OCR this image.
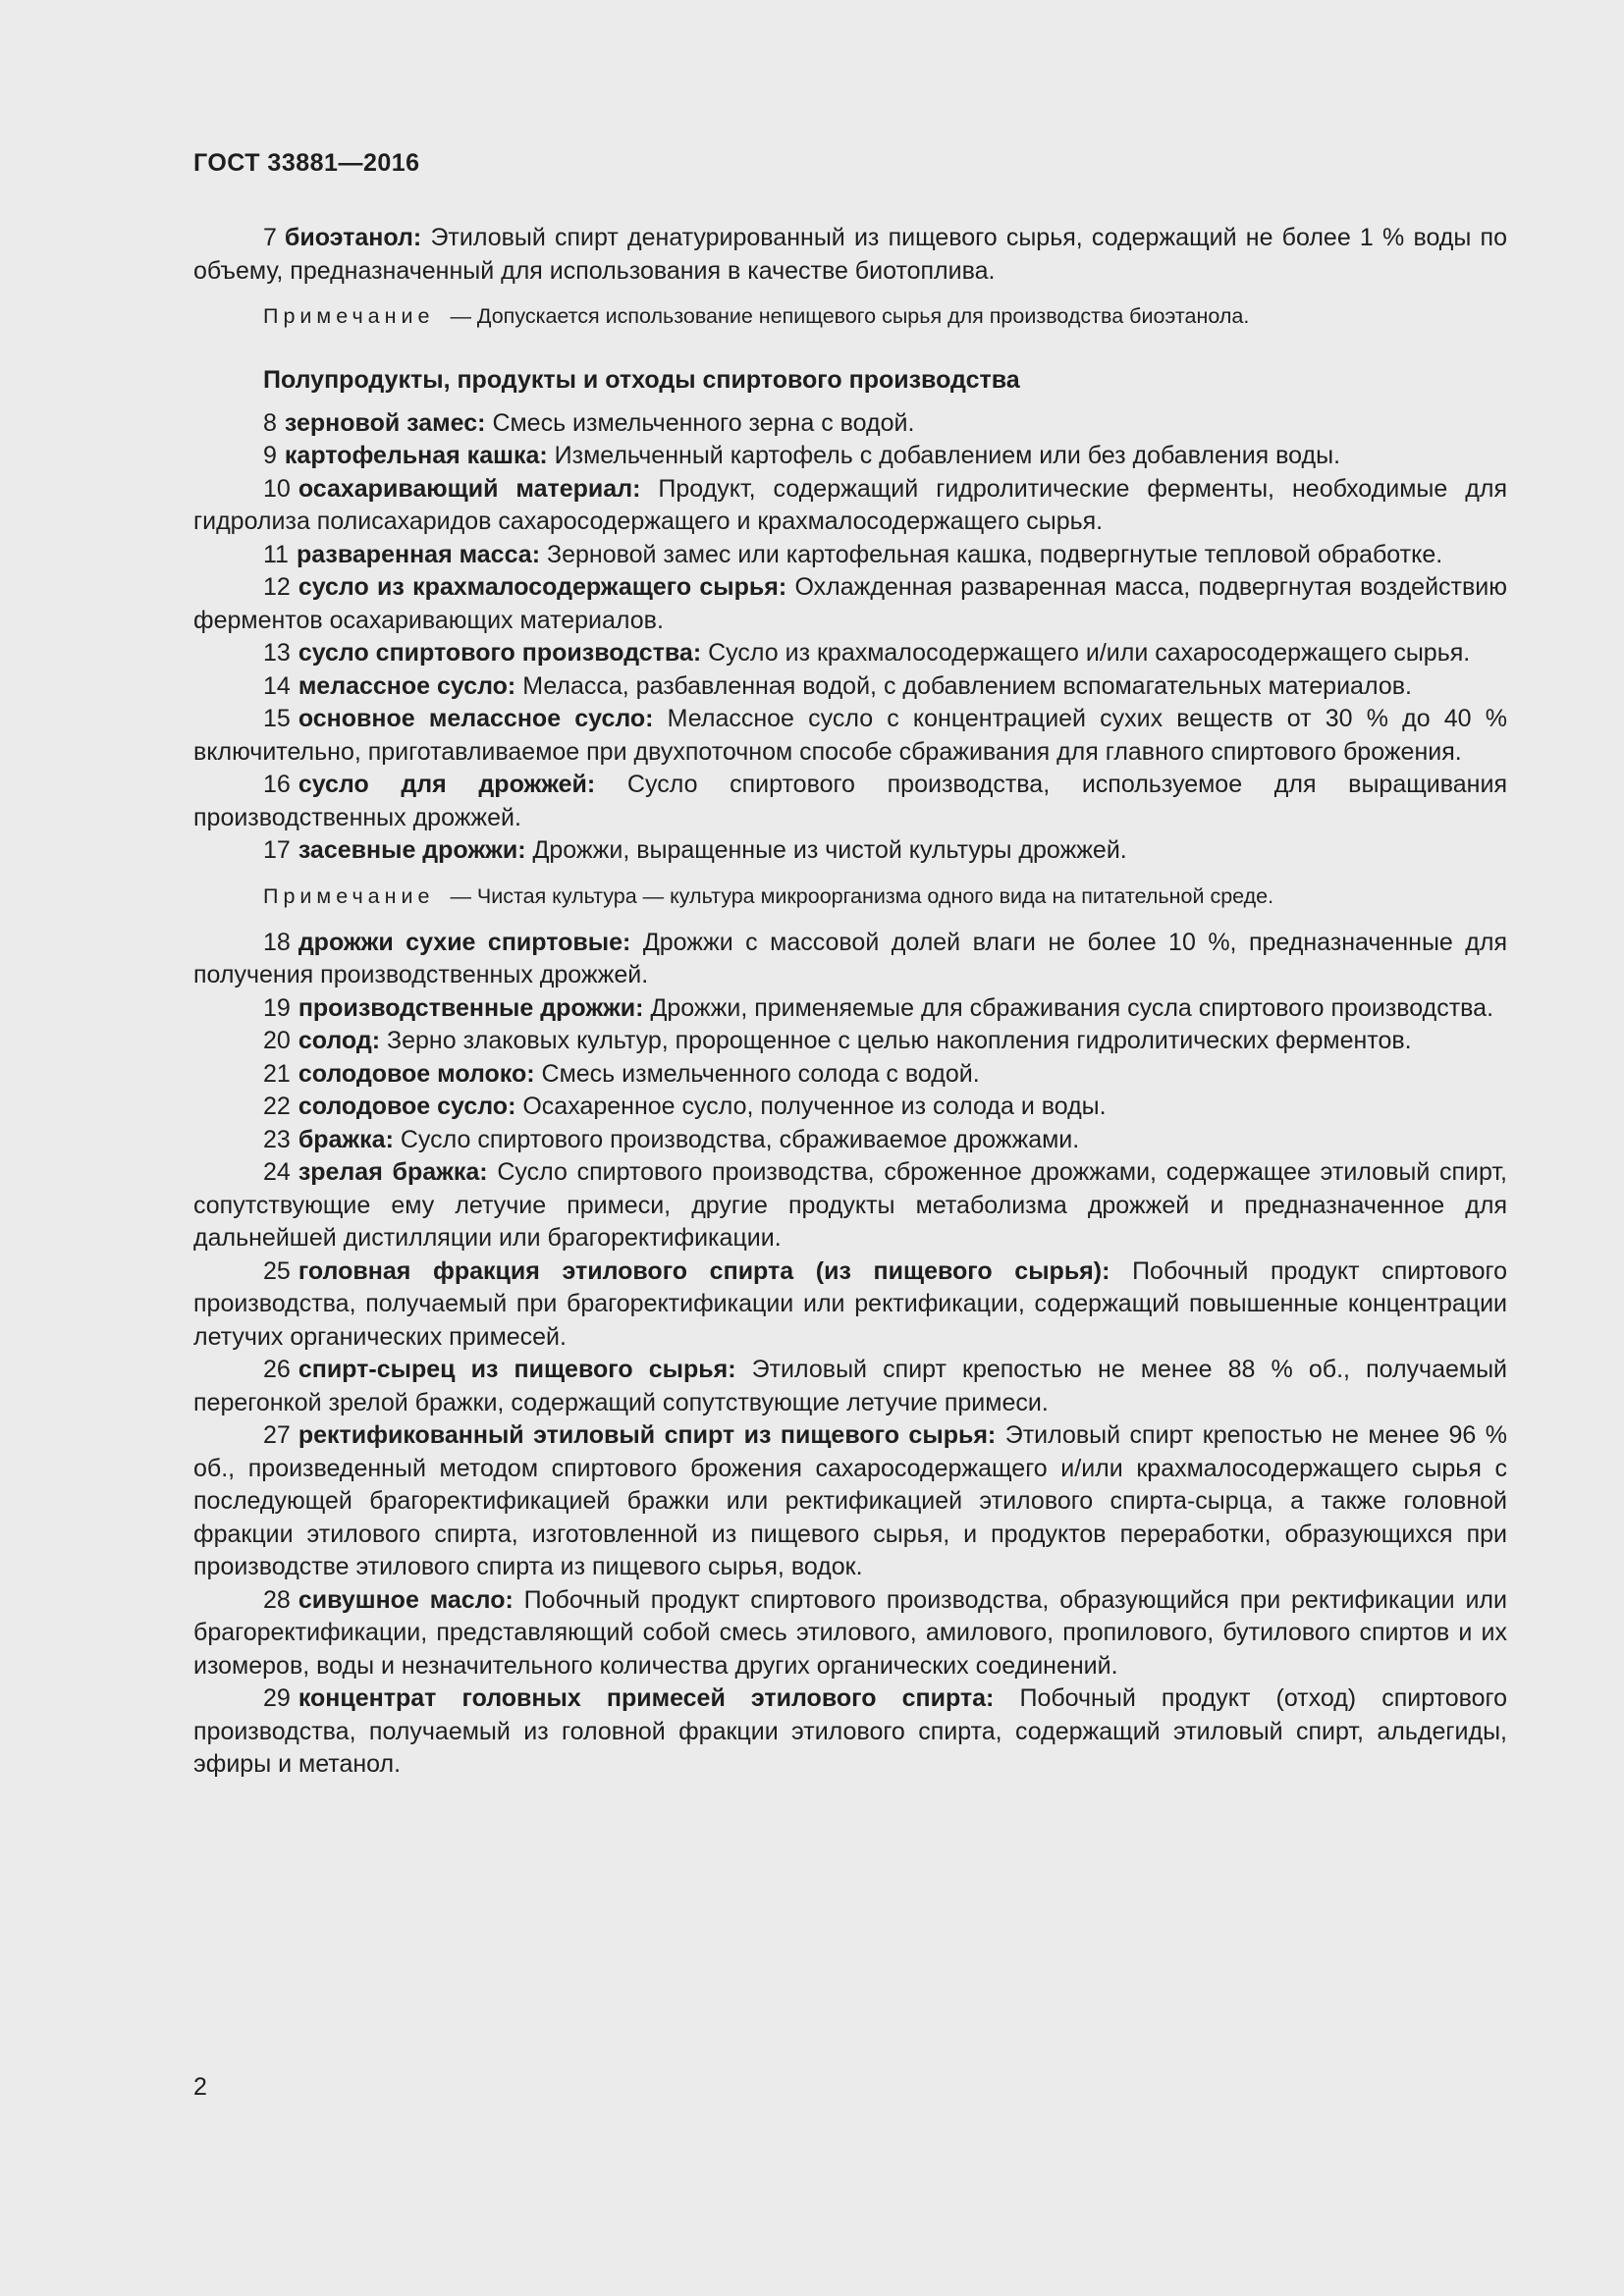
ГОСТ 33881—2016

7 биоэтанол: Этиловый спирт денатурированный из пищевого сырья, содержащий не более 1 % воды по объему, предназначенный для использования в качестве биотоплива.

Примечание — Допускается использование непищевого сырья для производства биоэтанола.
Полупродукты, продукты и отходы спиртового производства

8 зерновой замес: Смесь измельченного зерна с водой.

9 картофельная кашка: Измельченный картофель с добавлением или без добавления воды.

10 осахаривающий материал: Продукт, содержащий гидролитические ферменты, необходимые для гидролиза полисахаридов сахаросодержащего и крахмалосодержащего сырья.

11 разваренная масса: Зерновой замес или картофельная кашка, подвергнутые тепловой обработке.

12 сусло из крахмалосодержащего сырья: Охлажденная разваренная масса, подвергнутая воздействию ферментов осахаривающих материалов.

13 сусло спиртового производства: Сусло из крахмалосодержащего и/или сахаросодержащего сырья.

14 мелассное сусло: Меласса, разбавленная водой, с добавлением вспомагательных материалов.

15 основное мелассное сусло: Мелассное сусло с концентрацией сухих веществ от 30 % до 40 % включительно, приготавливаемое при двухпоточном способе сбраживания для главного спиртового брожения.

16 сусло для дрожжей: Сусло спиртового производства, используемое для выращивания производственных дрожжей.

17 засевные дрожжи: Дрожжи, выращенные из чистой культуры дрожжей.

Примечание — Чистая культура — культура микроорганизма одного вида на питательной среде.

18 дрожжи сухие спиртовые: Дрожжи с массовой долей влаги не более 10 %, предназначенные для получения производственных дрожжей.

19 производственные дрожжи: Дрожжи, применяемые для сбраживания сусла спиртового производства.

20 солод: Зерно злаковых культур, пророщенное с целью накопления гидролитических ферментов.

21 солодовое молоко: Смесь измельченного солода с водой.

22 солодовое сусло: Осахаренное сусло, полученное из солода и воды.

23 бражка: Сусло спиртового производства, сбраживаемое дрожжами.

24 зрелая бражка: Сусло спиртового производства, сброженное дрожжами, содержащее этиловый спирт, сопутствующие ему летучие примеси, другие продукты метаболизма дрожжей и предназначенное для дальнейшей дистилляции или брагоректификации.

25 головная фракция этилового спирта (из пищевого сырья): Побочный продукт спиртового производства, получаемый при брагоректификации или ректификации, содержащий повышенные концентрации летучих органических примесей.

26 спирт-сырец из пищевого сырья: Этиловый спирт крепостью не менее 88 % об., получаемый перегонкой зрелой бражки, содержащий сопутствующие летучие примеси.

27 ректификованный этиловый спирт из пищевого сырья: Этиловый спирт крепостью не менее 96 % об., произведенный методом спиртового брожения сахаросодержащего и/или крахмалосодержащего сырья с последующей брагоректификацией бражки или ректификацией этилового спирта-сырца, а также головной фракции этилового спирта, изготовленной из пищевого сырья, и продуктов переработки, образующихся при производстве этилового спирта из пищевого сырья, водок.

28 сивушное масло: Побочный продукт спиртового производства, образующийся при ректификации или брагоректификации, представляющий собой смесь этилового, амилового, пропилового, бутилового спиртов и их изомеров, воды и незначительного количества других органических соединений.

29 концентрат головных примесей этилового спирта: Побочный продукт (отход) спиртового производства, получаемый из головной фракции этилового спирта, содержащий этиловый спирт, альдегиды, эфиры и метанол.

2
